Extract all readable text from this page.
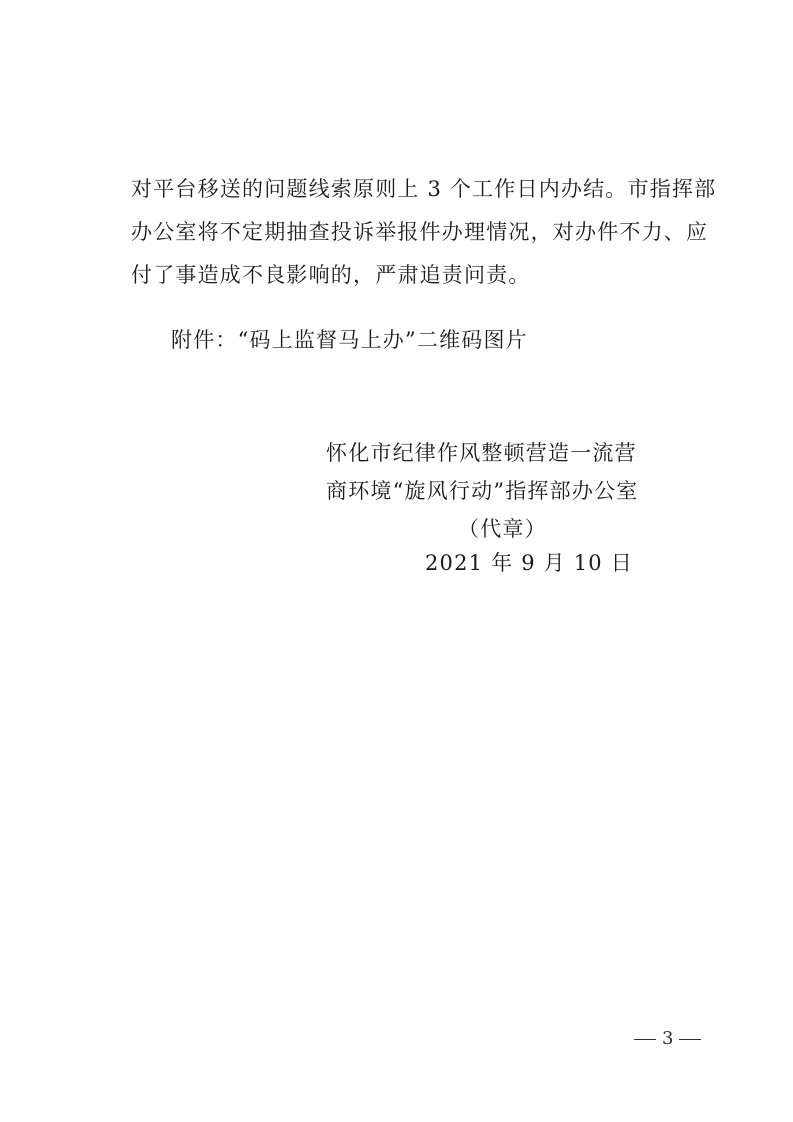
对平台移送的问题线索原则上 3 个工作日内办结。市指挥部
办公室将不定期抽查投诉举报件办理情况，对办件不力、应
付了事造成不良影响的，严肃追责问责。
附件：“码上监督马上办”二维码图片
怀化市纪律作风整顿营造一流营
商环境“旋风行动”指挥部办公室
（代章）
2021 年 9 月 10 日
3
